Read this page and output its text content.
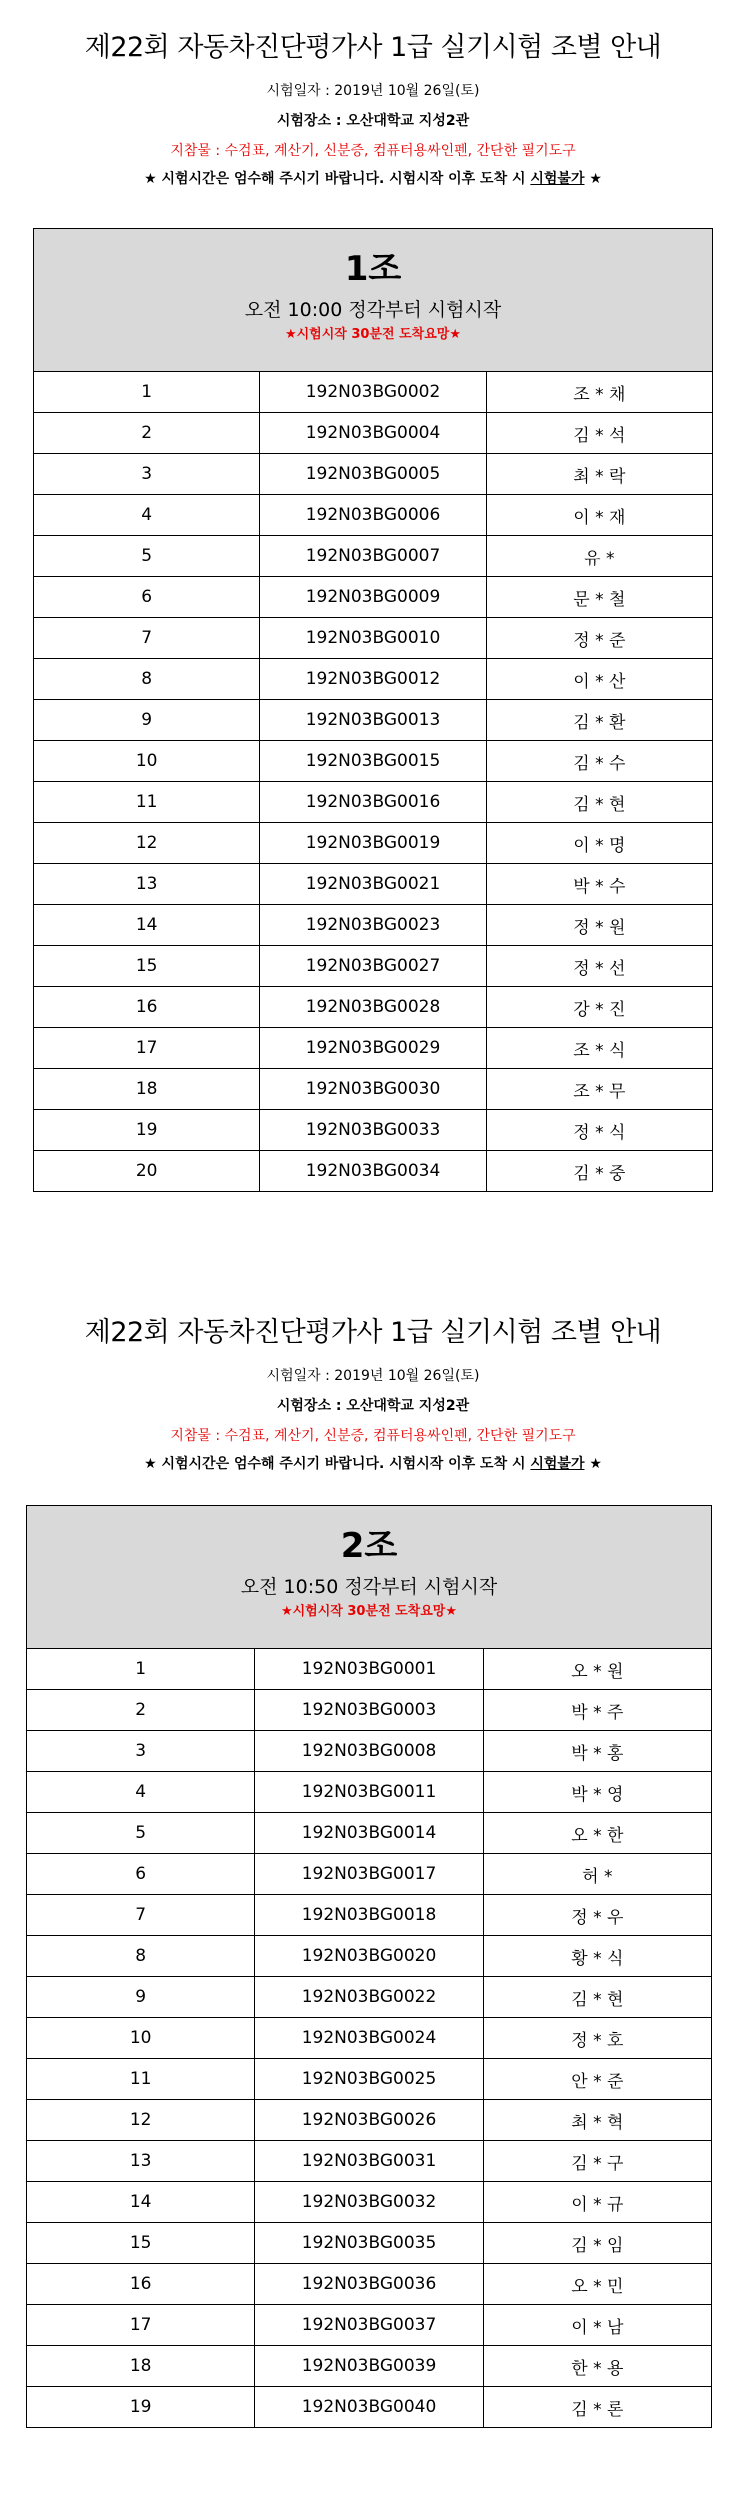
제22회 자동차진단평가사 1급 실기시험 조별 안내
시험일자 : 2019년 10월 26일(토)
시험장소 : 오산대학교 지성2관
지참물 : 수검표, 계산기, 신분증, 컴퓨터용싸인펜, 간단한 필기도구
★ 시험시간은 엄수해 주시기 바랍니다. 시험시작 이후 도착 시 시험불가 ★
1조
오전 10:00 정각부터 시험시작
★시험시작 30분전 도착요망★		

1	192N03BG0002	조 * 채
2	192N03BG0004	김 * 석
3	192N03BG0005	최 * 락
4	192N03BG0006	이 * 재
5	192N03BG0007	유 *
6	192N03BG0009	문 * 철
7	192N03BG0010	정 * 준
8	192N03BG0012	이 * 산
9	192N03BG0013	김 * 환
10	192N03BG0015	김 * 수
11	192N03BG0016	김 * 현
12	192N03BG0019	이 * 명
13	192N03BG0021	박 * 수
14	192N03BG0023	정 * 원
15	192N03BG0027	정 * 선
16	192N03BG0028	강 * 진
17	192N03BG0029	조 * 식
18	192N03BG0030	조 * 무
19	192N03BG0033	정 * 식
20	192N03BG0034	김 * 중
제22회 자동차진단평가사 1급 실기시험 조별 안내
시험일자 : 2019년 10월 26일(토)
시험장소 : 오산대학교 지성2관
지참물 : 수검표, 계산기, 신분증, 컴퓨터용싸인펜, 간단한 필기도구
★ 시험시간은 엄수해 주시기 바랍니다. 시험시작 이후 도착 시 시험불가 ★
2조
오전 10:50 정각부터 시험시작
★시험시작 30분전 도착요망★		

1	192N03BG0001	오 * 원
2	192N03BG0003	박 * 주
3	192N03BG0008	박 * 홍
4	192N03BG0011	박 * 영
5	192N03BG0014	오 * 한
6	192N03BG0017	허 *
7	192N03BG0018	정 * 우
8	192N03BG0020	황 * 식
9	192N03BG0022	김 * 현
10	192N03BG0024	정 * 호
11	192N03BG0025	안 * 준
12	192N03BG0026	최 * 혁
13	192N03BG0031	김 * 구
14	192N03BG0032	이 * 규
15	192N03BG0035	김 * 임
16	192N03BG0036	오 * 민
17	192N03BG0037	이 * 남
18	192N03BG0039	한 * 용
19	192N03BG0040	김 * 론
